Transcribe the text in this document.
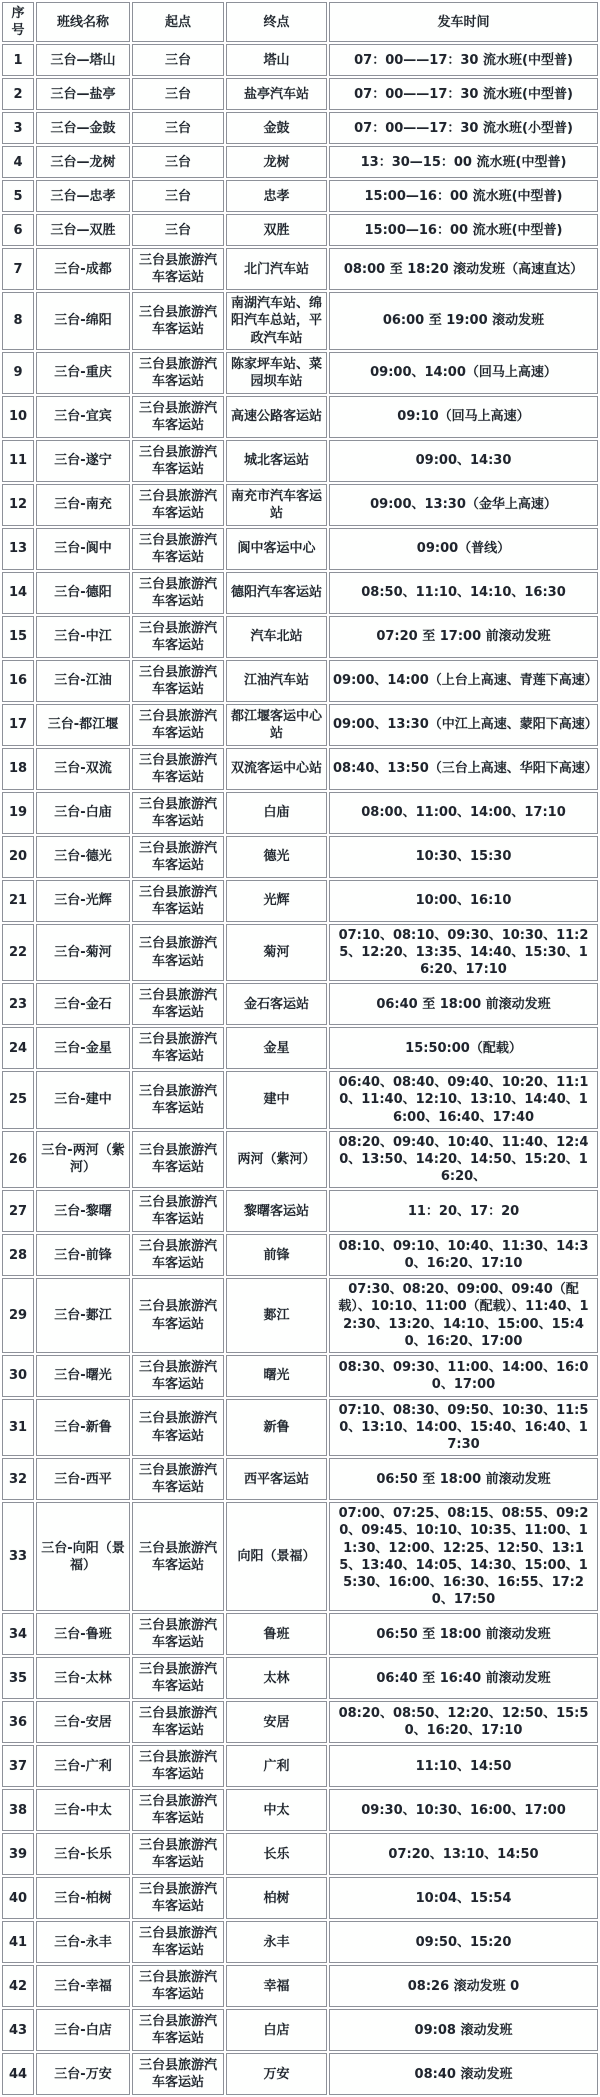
序号	班线名称	起点	终点	发车时间
1	三台—塔山	三台	塔山	07：00——17：30 流水班(中型普)
2	三台—盐亭	三台	盐亭汽车站	07：00——17：30 流水班(中型普)
3	三台—金鼓	三台	金鼓	07：00——17：30 流水班(小型普)
4	三台—龙树	三台	龙树	13：30—15：00 流水班(中型普)
5	三台—忠孝	三台	忠孝	15:00—16：00 流水班(中型普)
6	三台—双胜	三台	双胜	15:00—16：00 流水班(中型普)
7	三台-成都	三台县旅游汽车客运站	北门汽车站	08:00 至 18:20 滚动发班（高速直达）
8	三台-绵阳	三台县旅游汽车客运站	南湖汽车站、绵阳汽车总站，平政汽车站	06:00 至 19:00 滚动发班
9	三台-重庆	三台县旅游汽车客运站	陈家坪车站、菜园坝车站	09:00、14:00（回马上高速）
10	三台-宜宾	三台县旅游汽车客运站	高速公路客运站	09:10（回马上高速）
11	三台-遂宁	三台县旅游汽车客运站	城北客运站	09:00、14:30
12	三台-南充	三台县旅游汽车客运站	南充市汽车客运站	09:00、13:30（金华上高速）
13	三台-阆中	三台县旅游汽车客运站	阆中客运中心	09:00（普线）
14	三台-德阳	三台县旅游汽车客运站	德阳汽车客运站	08:50、11:10、14:10、16:30
15	三台-中江	三台县旅游汽车客运站	汽车北站	07:20 至 17:00 前滚动发班
16	三台-江油	三台县旅游汽车客运站	江油汽车站	09:00、14:00（上台上高速、青莲下高速）
17	三台-都江堰	三台县旅游汽车客运站	都江堰客运中心站	09:00、13:30（中江上高速、蒙阳下高速）
18	三台-双流	三台县旅游汽车客运站	双流客运中心站	08:40、13:50（三台上高速、华阳下高速）
19	三台-白庙	三台县旅游汽车客运站	白庙	08:00、11:00、14:00、17:10
20	三台-德光	三台县旅游汽车客运站	德光	10:30、15:30
21	三台-光辉	三台县旅游汽车客运站	光辉	10:00、16:10
22	三台-菊河	三台县旅游汽车客运站	菊河	07:10、08:10、09:30、10:30、11:25、12:20、13:35、14:40、15:30、16:20、17:10
23	三台-金石	三台县旅游汽车客运站	金石客运站	06:40 至 18:00 前滚动发班
24	三台-金星	三台县旅游汽车客运站	金星	15:50:00（配载）
25	三台-建中	三台县旅游汽车客运站	建中	06:40、08:40、09:40、10:20、11:10、11:40、12:10、13:10、14:40、16:00、16:40、17:40
26	三台-两河（紫河）	三台县旅游汽车客运站	两河（紫河）	08:20、09:40、10:40、11:40、12:40、13:50、14:20、14:50、15:20、16:20、
27	三台-黎曙	三台县旅游汽车客运站	黎曙客运站	11：20、17：20
28	三台-前锋	三台县旅游汽车客运站	前锋	08:10、09:10、10:40、11:30、14:30、16:20、17:10
29	三台-郪江	三台县旅游汽车客运站	郪江	07:30、08:20、09:00、09:40（配载）、10:10、11:00（配载）、11:40、12:30、13:20、14:10、15:00、15:40、16:20、17:00
30	三台-曙光	三台县旅游汽车客运站	曙光	08:30、09:30、11:00、14:00、16:00、17:00
31	三台-新鲁	三台县旅游汽车客运站	新鲁	07:10、08:30、09:50、10:30、11:50、13:10、14:00、15:40、16:40、17:30
32	三台-西平	三台县旅游汽车客运站	西平客运站	06:50 至 18:00 前滚动发班
33	三台-向阳（景福）	三台县旅游汽车客运站	向阳（景福）	07:00、07:25、08:15、08:55、09:20、09:45、10:10、10:35、11:00、11:30、12:00、12:25、12:50、13:15、13:40、14:05、14:30、15:00、15:30、16:00、16:30、16:55、17:20、17:50
34	三台-鲁班	三台县旅游汽车客运站	鲁班	06:50 至 18:00 前滚动发班
35	三台-太林	三台县旅游汽车客运站	太林	06:40 至 16:40 前滚动发班
36	三台-安居	三台县旅游汽车客运站	安居	08:20、08:50、12:20、12:50、15:50、16:20、17:10
37	三台-广利	三台县旅游汽车客运站	广利	11:10、14:50
38	三台-中太	三台县旅游汽车客运站	中太	09:30、10:30、16:00、17:00
39	三台-长乐	三台县旅游汽车客运站	长乐	07:20、13:10、14:50
40	三台-柏树	三台县旅游汽车客运站	柏树	10:04、15:54
41	三台-永丰	三台县旅游汽车客运站	永丰	09:50、15:20
42	三台-幸福	三台县旅游汽车客运站	幸福	08:26 滚动发班 0
43	三台-白店	三台县旅游汽车客运站	白店	09:08 滚动发班
44	三台-万安	三台县旅游汽车客运站	万安	08:40 滚动发班
